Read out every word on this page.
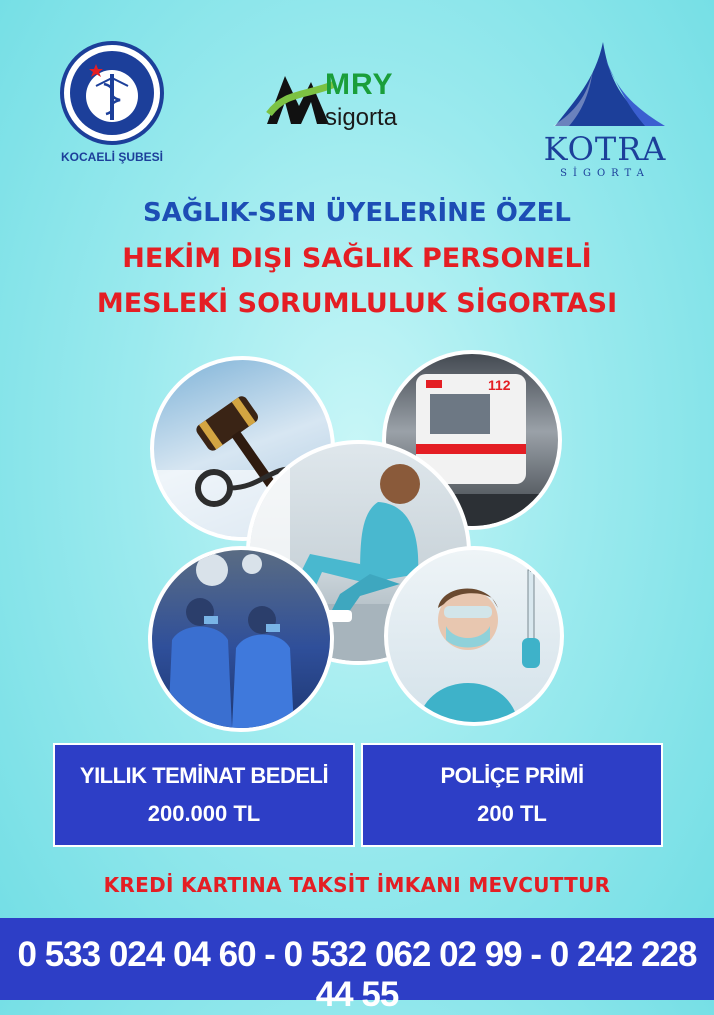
KOCAELİ ŞUBESİ
MRY
sigorta
KOTRA
SİGORTA
SAĞLIK-SEN ÜYELERİNE ÖZEL
HEKİM DIŞI SAĞLIK PERSONELİ
MESLEKİ SORUMLULUK SİGORTASI
112
YILLIK TEMİNAT BEDELİ
200.000 TL
POLİÇE PRİMİ
200 TL
KREDİ KARTINA TAKSİT İMKANI MEVCUTTUR
0 533 024 04 60 - 0 532 062 02 99 - 0 242 228 44 55
